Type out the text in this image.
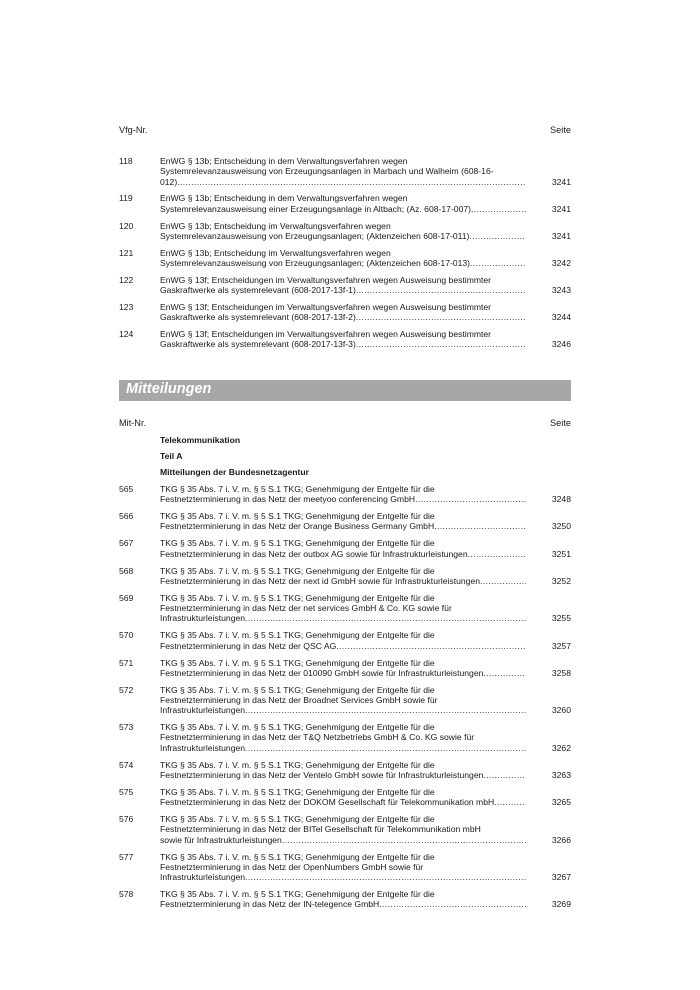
Vfg-Nr.	Seite
118	EnWG § 13b; Entscheidung in dem Verwaltungsverfahren wegen
Systemrelevanzausweisung von Erzeugungsanlagen in Marbach und Walheim (608-16-
012) .....	3241
119	EnWG § 13b; Entscheidung in dem Verwaltungsverfahren wegen
Systemrelevanzausweisung einer Erzeugungsanlage in Altbach; (Az. 608-17-007) .....	3241
120	EnWG § 13b; Entscheidung im Verwaltungsverfahren wegen
Systemrelevanzausweisung von Erzeugungsanlagen; (Aktenzeichen 608-17-011) .....	3241
121	EnWG § 13b; Entscheidung im Verwaltungsverfahren wegen
Systemrelevanzausweisung von Erzeugungsanlagen; (Aktenzeichen 608-17-013) .....	3242
122	EnWG § 13f; Entscheidungen im Verwaltungsverfahren wegen Ausweisung bestimmter
Gaskraftwerke als systemrelevant (608-2017-13f-1) .....	3243
123	EnWG § 13f; Entscheidungen im Verwaltungsverfahren wegen Ausweisung bestimmter
Gaskraftwerke als systemrelevant (608-2017-13f-2) .....	3244
124	EnWG § 13f; Entscheidungen im Verwaltungsverfahren wegen Ausweisung bestimmter
Gaskraftwerke als systemrelevant (608-2017-13f-3) .....	3246
Mitteilungen
Mit-Nr.	Seite
Telekommunikation
Teil A
Mitteilungen der Bundesnetzagentur
565	TKG § 35 Abs. 7 i. V. m. § 5 S.1 TKG; Genehmigung der Entgelte für die
Festnetzterminierung in das Netz der meetyoo conferencing GmbH .....	3248
566	TKG § 35 Abs. 7 i. V. m. § 5 S.1 TKG; Genehmigung der Entgelte für die
Festnetzterminierung in das Netz der Orange Business Germany GmbH .....	3250
567	TKG § 35 Abs. 7 i. V. m. § 5 S.1 TKG; Genehmigung der Entgelte für die
Festnetzterminierung in das Netz der outbox AG sowie für Infrastrukturleistungen .....	3251
568	TKG § 35 Abs. 7 i. V. m. § 5 S.1 TKG; Genehmigung der Entgelte für die
Festnetzterminierung in das Netz der next id GmbH sowie für Infrastrukturleistungen .....	3252
569	TKG § 35 Abs. 7 i. V. m. § 5 S.1 TKG; Genehmigung der Entgelte für die
Festnetzterminierung in das Netz der net services GmbH & Co. KG sowie für
Infrastrukturleistungen .....	3255
570	TKG § 35 Abs. 7 i. V. m. § 5 S.1 TKG; Genehmigung der Entgelte für die
Festnetzterminierung in das Netz der QSC AG .....	3257
571	TKG § 35 Abs. 7 i. V. m. § 5 S.1 TKG; Genehmigung der Entgelte für die
Festnetzterminierung in das Netz der 010090 GmbH sowie für Infrastrukturleistungen .....	3258
572	TKG § 35 Abs. 7 i. V. m. § 5 S.1 TKG; Genehmigung der Entgelte für die
Festnetzterminierung in das Netz der Broadnet Services GmbH sowie für
Infrastrukturleistungen .....	3260
573	TKG § 35 Abs. 7 i. V. m. § 5 S.1 TKG; Genehmigung der Entgelte für die
Festnetzterminierung in das Netz der T&Q Netzbetriebs GmbH & Co. KG sowie für
Infrastrukturleistungen .....	3262
574	TKG § 35 Abs. 7 i. V. m. § 5 S.1 TKG; Genehmigung der Entgelte für die
Festnetzterminierung in das Netz der Ventelo GmbH sowie für Infrastrukturleistungen .....	3263
575	TKG § 35 Abs. 7 i. V. m. § 5 S.1 TKG; Genehmigung der Entgelte für die
Festnetzterminierung in das Netz der DOKOM Gesellschaft für Telekommunikation mbH .....	3265
576	TKG § 35 Abs. 7 i. V. m. § 5 S.1 TKG; Genehmigung der Entgelte für die
Festnetzterminierung in das Netz der BITel Gesellschaft für Telekommunikation mbH
sowie für Infrastrukturleistungen .....	3266
577	TKG § 35 Abs. 7 i. V. m. § 5 S.1 TKG; Genehmigung der Entgelte für die
Festnetzterminierung in das Netz der OpenNumbers GmbH sowie für
Infrastrukturleistungen .....	3267
578	TKG § 35 Abs. 7 i. V. m. § 5 S.1 TKG; Genehmigung der Entgelte für die
Festnetzterminierung in das Netz der IN-telegence GmbH .....	3269
